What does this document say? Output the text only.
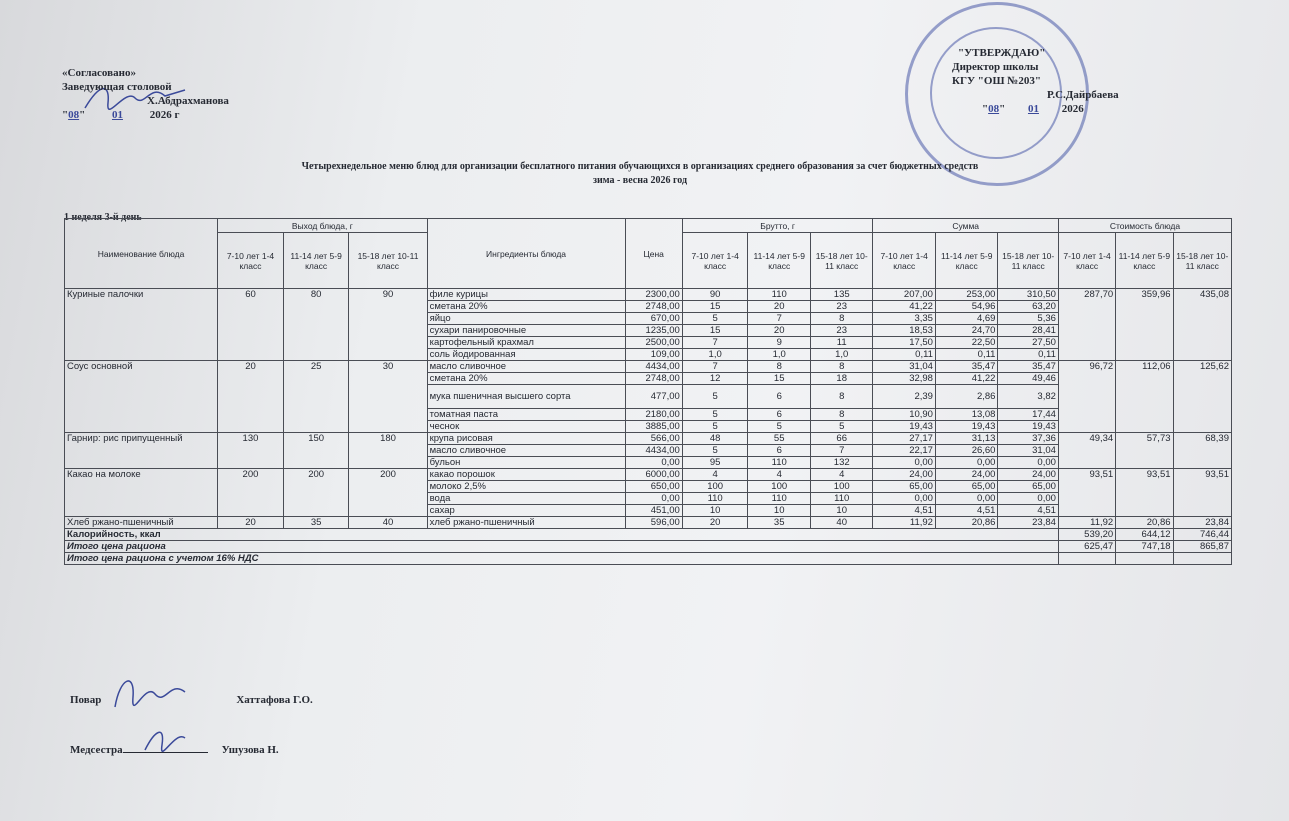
«Согласовано»
Заведующая столовой
Х.Абдрахманова
"08" 01 2026 г
"УТВЕРЖДАЮ"
Директор школы
КГУ "ОШ №203"
Р.С.Дайрбаева
"08" 01 2026
Четырехнедельное меню блюд для организации бесплатного питания обучающихся в организациях среднего образования за счет бюджетных средств
зима - весна 2026 год
1 неделя 3-й день
Наименование блюда	Выход блюда, г			Ингредиенты блюда	Цена	Брутто, г			Сумма			Стоимость блюда		
	7-10 лет 1-4 класс	11-14 лет 5-9 класс	15-18 лет 10-11 класс			7-10 лет 1-4 класс	11-14 лет 5-9 класс	15-18 лет 10-11 класс	7-10 лет 1-4 класс	11-14 лет 5-9 класс	15-18 лет 10-11 класс	7-10 лет 1-4 класс	11-14 лет 5-9 класс	15-18 лет 10-11 класс
Куриные палочки	60	80	90	филе курицы	2300,00	90	110	135	207,00	253,00	310,50	287,70	359,96	435,08
				сметана 20%	2748,00	15	20	23	41,22	54,96	63,20			
				яйцо	670,00	5	7	8	3,35	4,69	5,36			
				сухари панировочные	1235,00	15	20	23	18,53	24,70	28,41			
				картофельный крахмал	2500,00	7	9	11	17,50	22,50	27,50			
				соль йодированная	109,00	1,0	1,0	1,0	0,11	0,11	0,11			
Соус основной	20	25	30	масло сливочное	4434,00	7	8	8	31,04	35,47	35,47	96,72	112,06	125,62
				сметана 20%	2748,00	12	15	18	32,98	41,22	49,46			
				мука пшеничная высшего сорта	477,00	5	6	8	2,39	2,86	3,82			
				томатная паста	2180,00	5	6	8	10,90	13,08	17,44			
				чеснок	3885,00	5	5	5	19,43	19,43	19,43			
Гарнир: рис припущенный	130	150	180	крупа рисовая	566,00	48	55	66	27,17	31,13	37,36	49,34	57,73	68,39
				масло сливочное	4434,00	5	6	7	22,17	26,60	31,04			
				бульон	0,00	95	110	132	0,00	0,00	0,00			
Какао на молоке	200	200	200	какао порошок	6000,00	4	4	4	24,00	24,00	24,00	93,51	93,51	93,51
				молоко 2,5%	650,00	100	100	100	65,00	65,00	65,00			
				вода	0,00	110	110	110	0,00	0,00	0,00			
				сахар	451,00	10	10	10	4,51	4,51	4,51			
Хлеб ржано-пшеничный	20	35	40	хлеб ржано-пшеничный	596,00	20	35	40	11,92	20,86	23,84	11,92	20,86	23,84
Калорийность, ккал												539,20	644,12	746,44
Итого цена рациона												625,47	747,18	865,87
Итого цена рациона с учетом 16% НДС														
Повар	Хаттафова Г.О.
Медсестра	Ушузова Н.
